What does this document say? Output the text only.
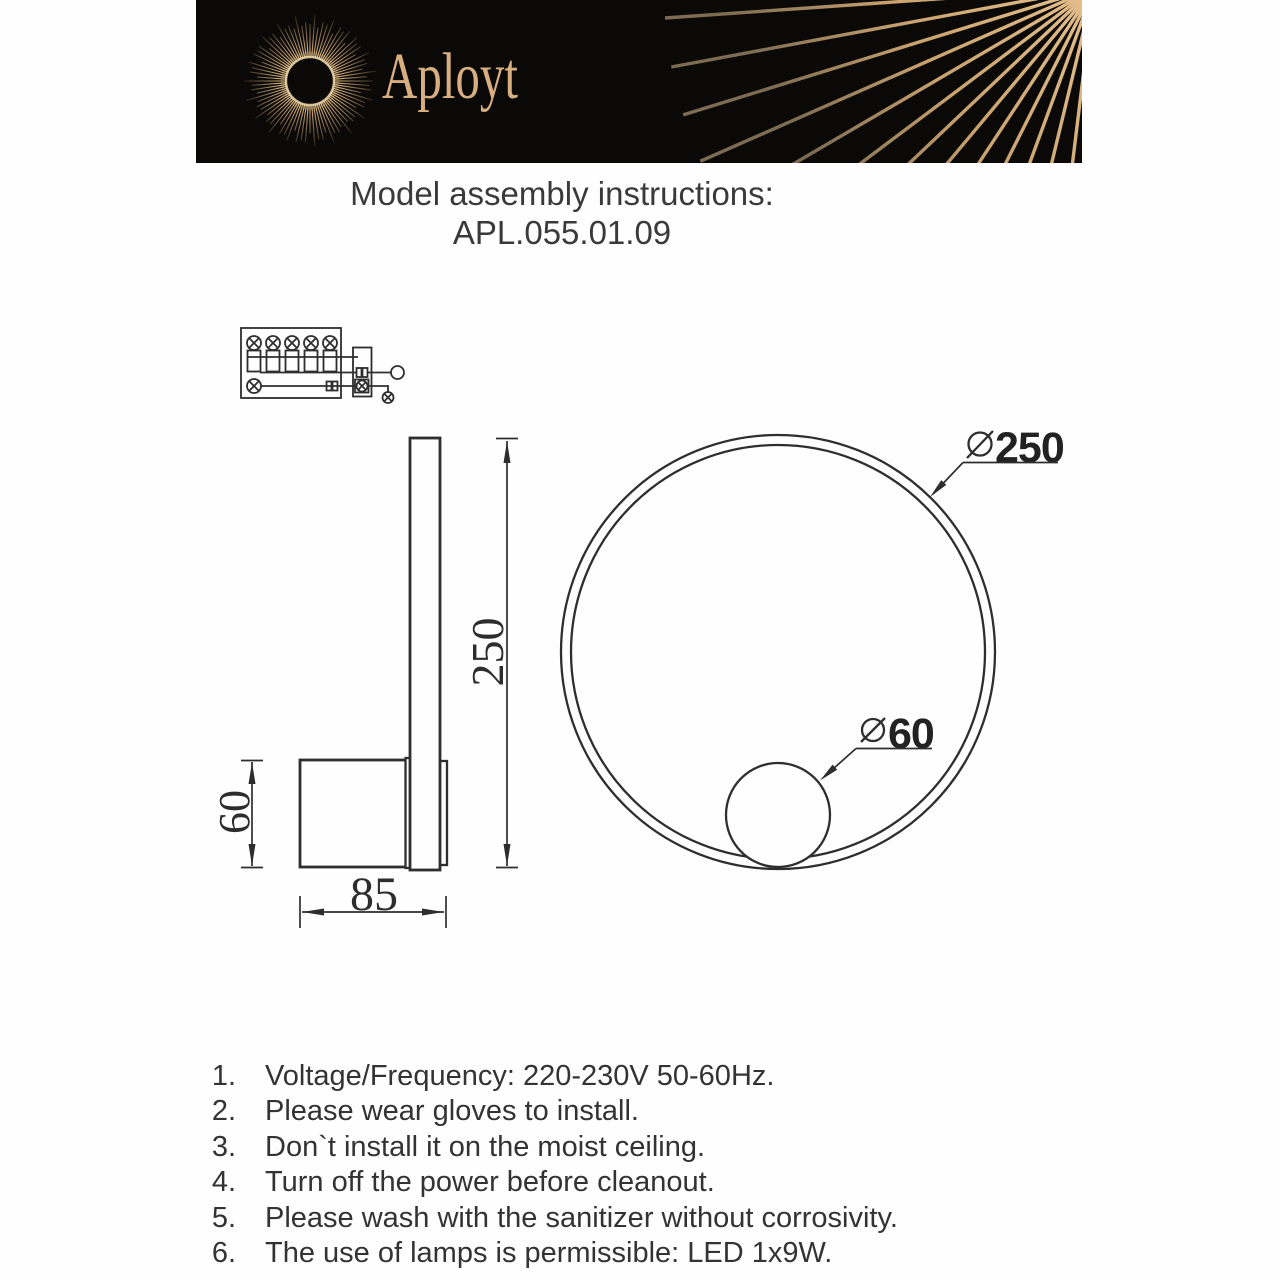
Aployt
Model assembly instructions:
APL.055.01.09
250
60
85
250
60
1. Voltage/Frequency: 220-230V 50-60Hz.
2. Please wear gloves to install.
3. Don`t install it on the moist ceiling.
4. Turn off the power before cleanout.
5. Please wash with the sanitizer without corrosivity.
6. The use of lamps is permissible: LED 1x9W.
